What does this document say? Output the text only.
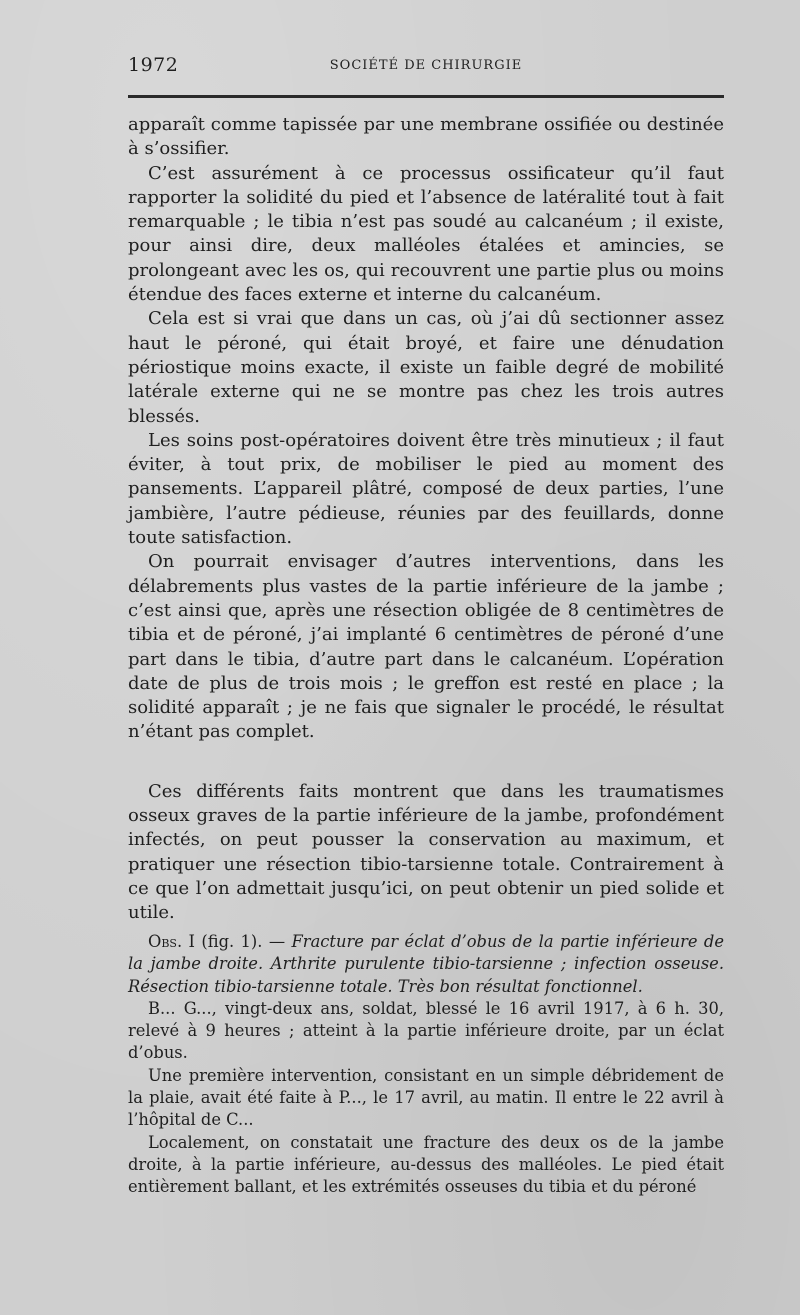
1972	SOCIÉTÉ DE CHIRURGIE

apparaît comme tapissée par une membrane ossifiée ou destinée à s’ossifier.

C’est assurément à ce processus ossificateur qu’il faut rapporter la solidité du pied et l’absence de latéralité tout à fait remarquable ; le tibia n’est pas soudé au calcanéum ; il existe, pour ainsi dire, deux malléoles étalées et amincies, se prolongeant avec les os, qui recouvrent une partie plus ou moins étendue des faces externe et interne du calcanéum.

Cela est si vrai que dans un cas, où j’ai dû sectionner assez haut le péroné, qui était broyé, et faire une dénudation périostique moins exacte, il existe un faible degré de mobilité latérale externe qui ne se montre pas chez les trois autres blessés.

Les soins post-opératoires doivent être très minutieux ; il faut éviter, à tout prix, de mobiliser le pied au moment des pansements. L’appareil plâtré, composé de deux parties, l’une jambière, l’autre pédieuse, réunies par des feuillards, donne toute satisfaction.

On pourrait envisager d’autres interventions, dans les délabrements plus vastes de la partie inférieure de la jambe ; c’est ainsi que, après une résection obligée de 8 centimètres de tibia et de péroné, j’ai implanté 6 centimètres de péroné d’une part dans le tibia, d’autre part dans le calcanéum. L’opération date de plus de trois mois ; le greffon est resté en place ; la solidité apparaît ; je ne fais que signaler le procédé, le résultat n’étant pas complet.

Ces différents faits montrent que dans les traumatismes osseux graves de la partie inférieure de la jambe, profondément infectés, on peut pousser la conservation au maximum, et pratiquer une résection tibio-tarsienne totale. Contrairement à ce que l’on admettait jusqu’ici, on peut obtenir un pied solide et utile.

Obs. I (fig. 1). — Fracture par éclat d’obus de la partie inférieure de la jambe droite. Arthrite purulente tibio-tarsienne ; infection osseuse. Résection tibio-tarsienne totale. Très bon résultat fonctionnel.

B... G..., vingt-deux ans, soldat, blessé le 16 avril 1917, à 6 h. 30, relevé à 9 heures ; atteint à la partie inférieure droite, par un éclat d’obus.

Une première intervention, consistant en un simple débridement de la plaie, avait été faite à P..., le 17 avril, au matin. Il entre le 22 avril à l’hôpital de C...

Localement, on constatait une fracture des deux os de la jambe droite, à la partie inférieure, au-dessus des malléoles. Le pied était entièrement ballant, et les extrémités osseuses du tibia et du péroné
